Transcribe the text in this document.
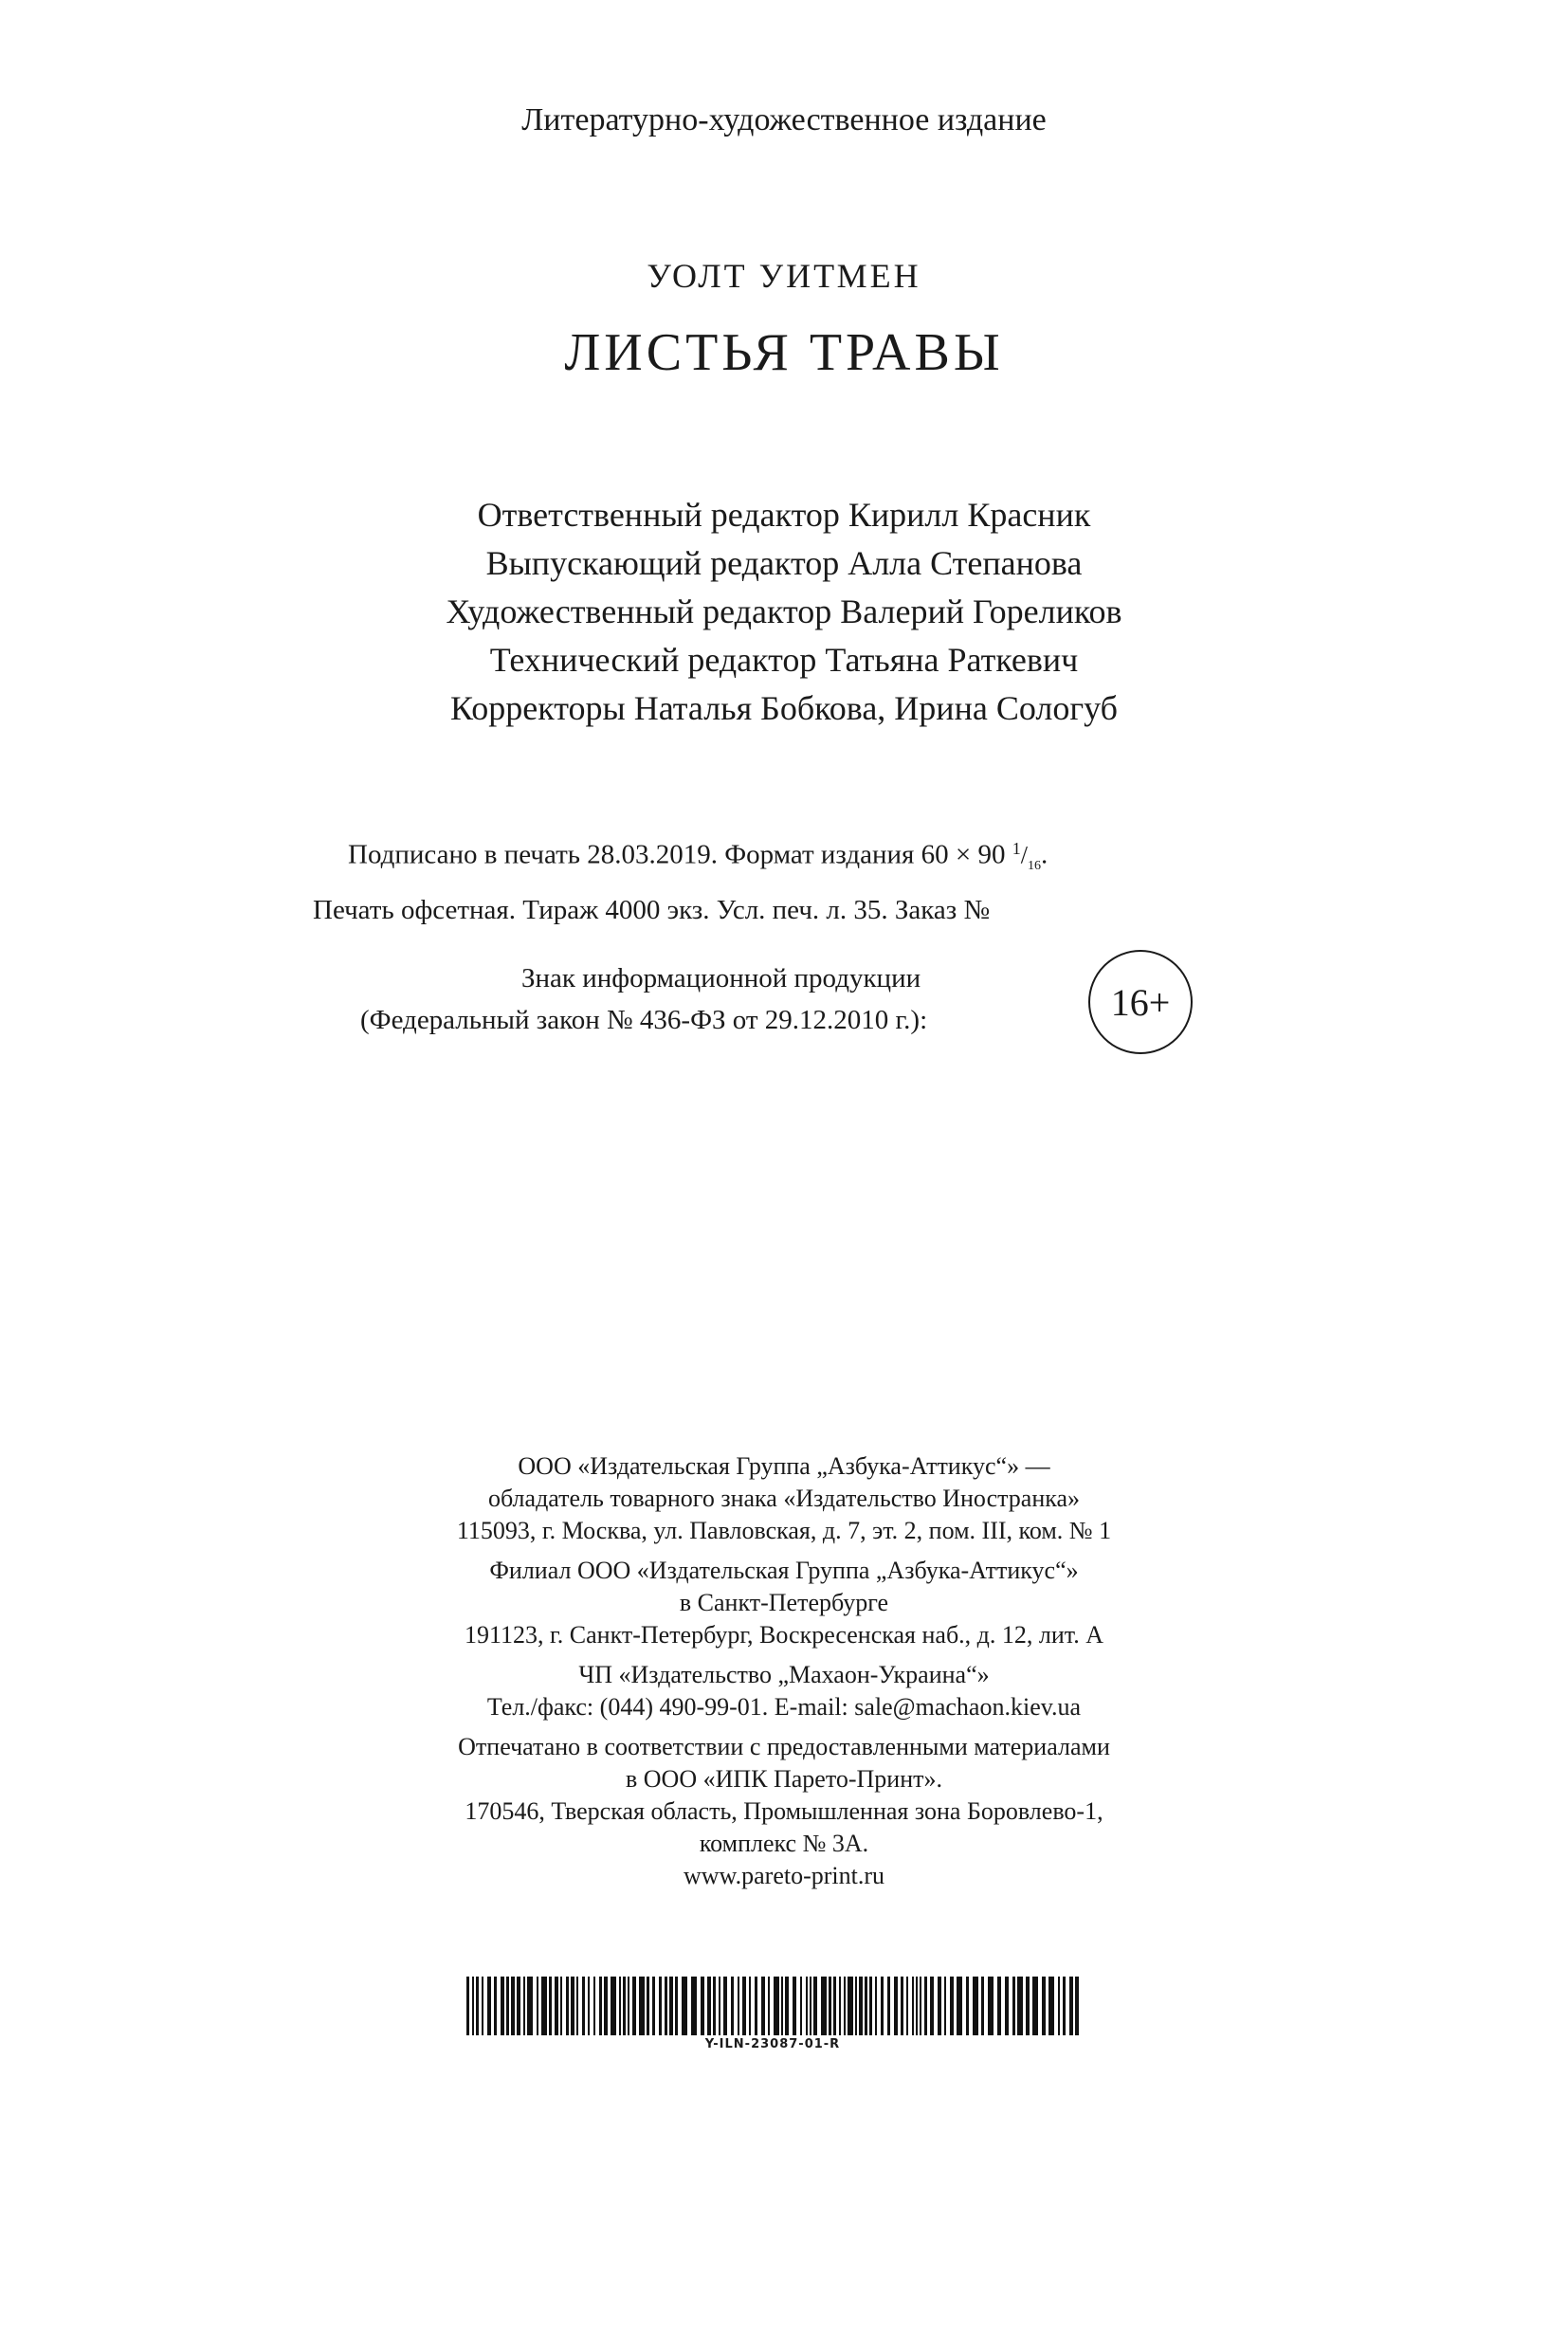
Литературно-художественное издание
УОЛТ УИТМЕН
ЛИСТЬЯ ТРАВЫ
Ответственный редактор Кирилл Красник
Выпускающий редактор Алла Степанова
Художественный редактор Валерий Гореликов
Технический редактор Татьяна Раткевич
Корректоры Наталья Бобкова, Ирина Сологуб
Подписано в печать 28.03.2019. Формат издания 60 × 90 $^1/_{16}$.
Печать офсетная. Тираж 4000 экз. Усл. печ. л. 35. Заказ №
Знак информационной продукции
(Федеральный закон № 436-ФЗ от 29.12.2010 г.):	16+
ООО «Издательская Группа „Азбука-Аттикус“» —
обладатель товарного знака «Издательство Иностранка»
115093, г. Москва, ул. Павловская, д. 7, эт. 2, пом. III, ком. № 1
Филиал ООО «Издательская Группа „Азбука-Аттикус“»
в Санкт-Петербурге
191123, г. Санкт-Петербург, Воскресенская наб., д. 12, лит. А
ЧП «Издательство „Махаон-Украина“»
Тел./факс: (044) 490-99-01. E-mail: sale@machaon.kiev.ua
Отпечатано в соответствии с предоставленными материалами
в ООО «ИПК Парето-Принт».
170546, Тверская область, Промышленная зона Боровлево-1,
комплекс № 3А.
www.pareto-print.ru
Y-ILN-23087-01-R
